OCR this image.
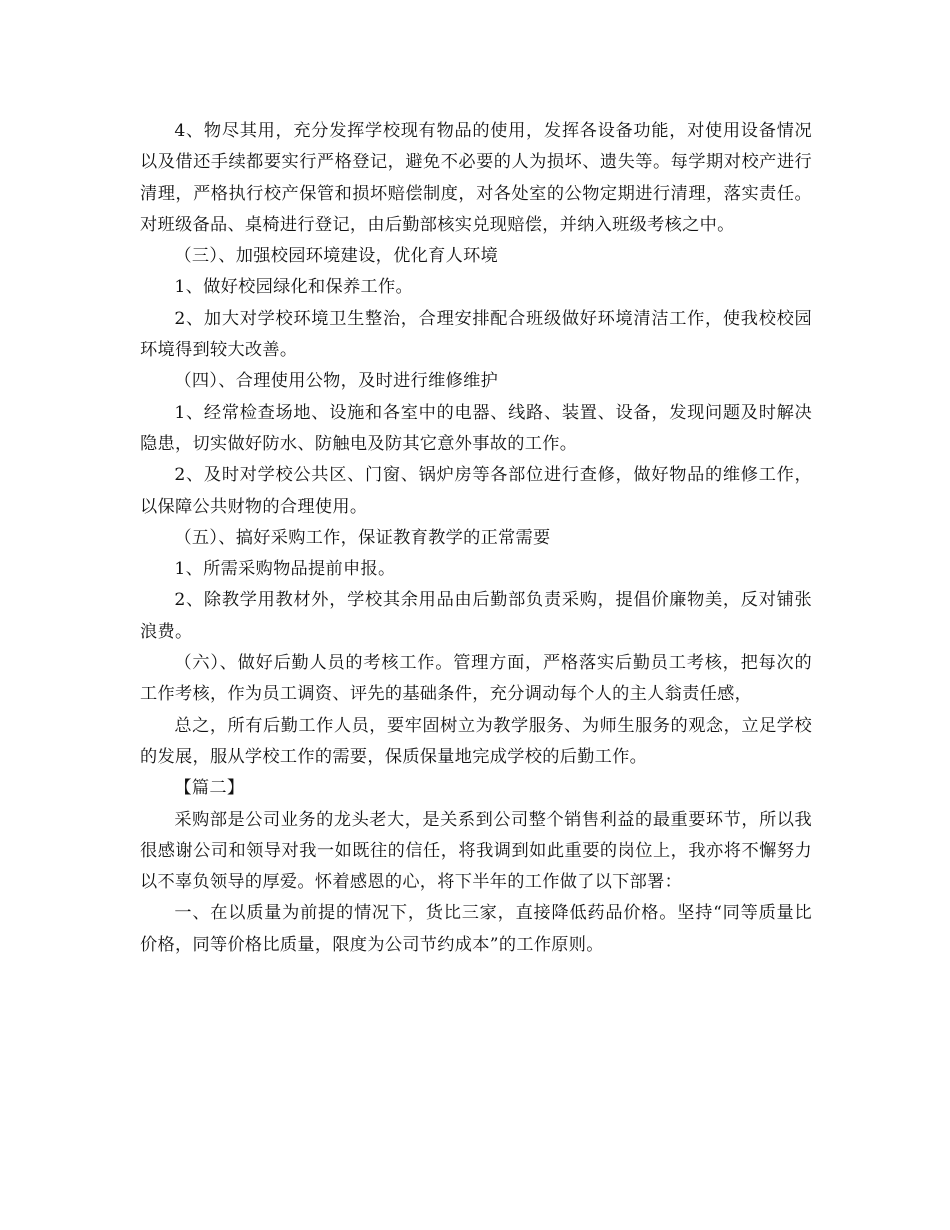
4、物尽其用，充分发挥学校现有物品的使用，发挥各设备功能，对使用设备情况以及借还手续都要实行严格登记，避免不必要的人为损坏、遗失等。每学期对校产进行清理，严格执行校产保管和损坏赔偿制度，对各处室的公物定期进行清理，落实责任。对班级备品、桌椅进行登记，由后勤部核实兑现赔偿，并纳入班级考核之中。

（三）、加强校园环境建设，优化育人环境

1、做好校园绿化和保养工作。

2、加大对学校环境卫生整治，合理安排配合班级做好环境清洁工作，使我校校园环境得到较大改善。

（四）、合理使用公物，及时进行维修维护

1、经常检查场地、设施和各室中的电器、线路、装置、设备，发现问题及时解决隐患，切实做好防水、防触电及防其它意外事故的工作。

2、及时对学校公共区、门窗、锅炉房等各部位进行查修，做好物品的维修工作，以保障公共财物的合理使用。

（五）、搞好采购工作，保证教育教学的正常需要

1、所需采购物品提前申报。

2、除教学用教材外，学校其余用品由后勤部负责采购，提倡价廉物美，反对铺张浪费。

（六）、做好后勤人员的考核工作。管理方面，严格落实后勤员工考核，把每次的工作考核，作为员工调资、评先的基础条件，充分调动每个人的主人翁责任感，

总之，所有后勤工作人员，要牢固树立为教学服务、为师生服务的观念，立足学校的发展，服从学校工作的需要，保质保量地完成学校的后勤工作。

【篇二】

采购部是公司业务的龙头老大，是关系到公司整个销售利益的最重要环节，所以我很感谢公司和领导对我一如既往的信任，将我调到如此重要的岗位上，我亦将不懈努力以不辜负领导的厚爱。怀着感恩的心，将下半年的工作做了以下部署：

一、在以质量为前提的情况下，货比三家，直接降低药品价格。坚持“同等质量比价格，同等价格比质量，限度为公司节约成本”的工作原则。
